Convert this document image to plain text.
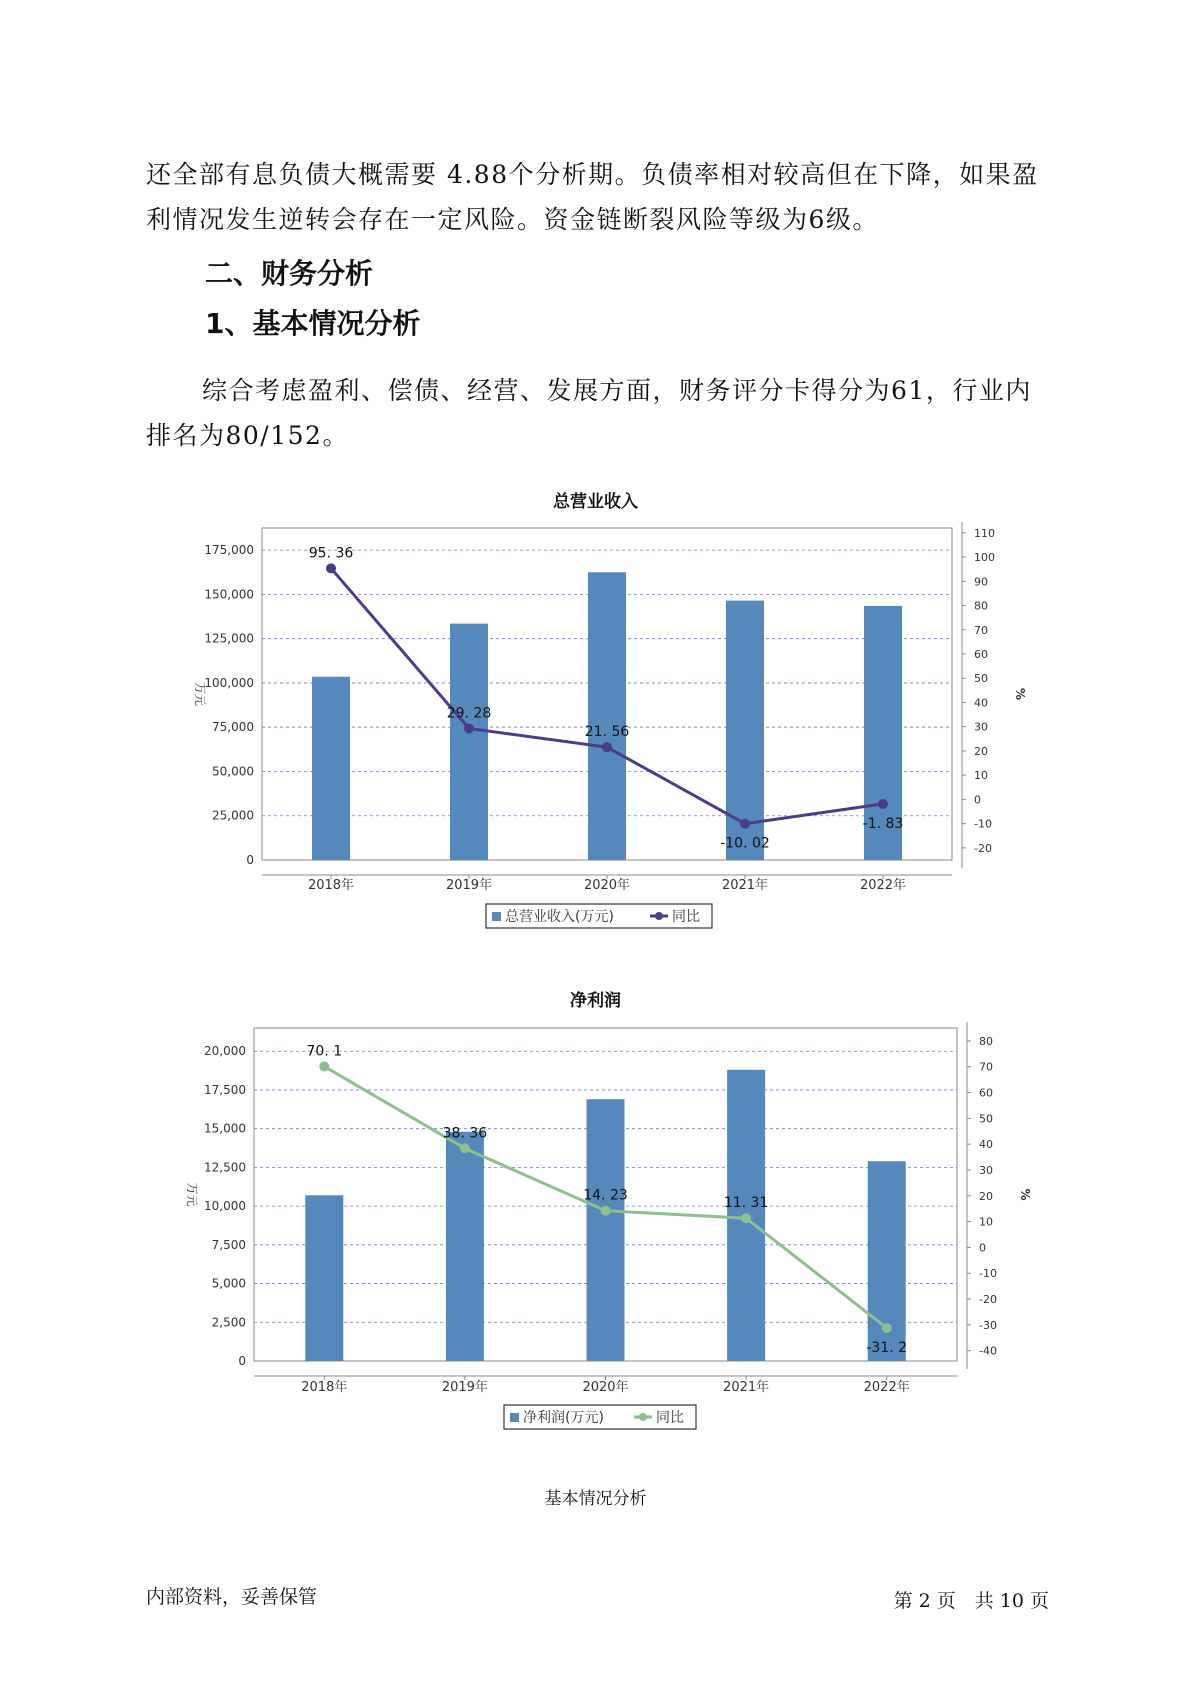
还全部有息负债大概需要 4.88个分析期。负债率相对较高但在下降，如果盈利情况发生逆转会存在一定风险。资金链断裂风险等级为6级。
二、财务分析
1、基本情况分析
综合考虑盈利、偿债、经营、发展方面，财务评分卡得分为61，行业内排名为80/152。
总营业收入
0
25,000
50,000
75,000
100,000
125,000
150,000
175,000
万元
-20
-10
0
10
20
30
40
50
60
70
80
90
100
110
%
2018年	2019年	2020年	2021年	2022年
95. 36
29. 28
21. 56
-10. 02
-1. 83
总营业收入(万元)	同比
净利润
0
2,500
5,000
7,500
10,000
12,500
15,000
17,500
20,000
万元
-40
-30
-20
-10
0
10
20
30
40
50
60
70
80
%
2018年	2019年	2020年	2021年	2022年
70. 1
38. 36
14. 23	11. 31
-31. 2
净利润(万元)	同比
基本情况分析
内部资料，妥善保管	第 2 页　共 10 页
